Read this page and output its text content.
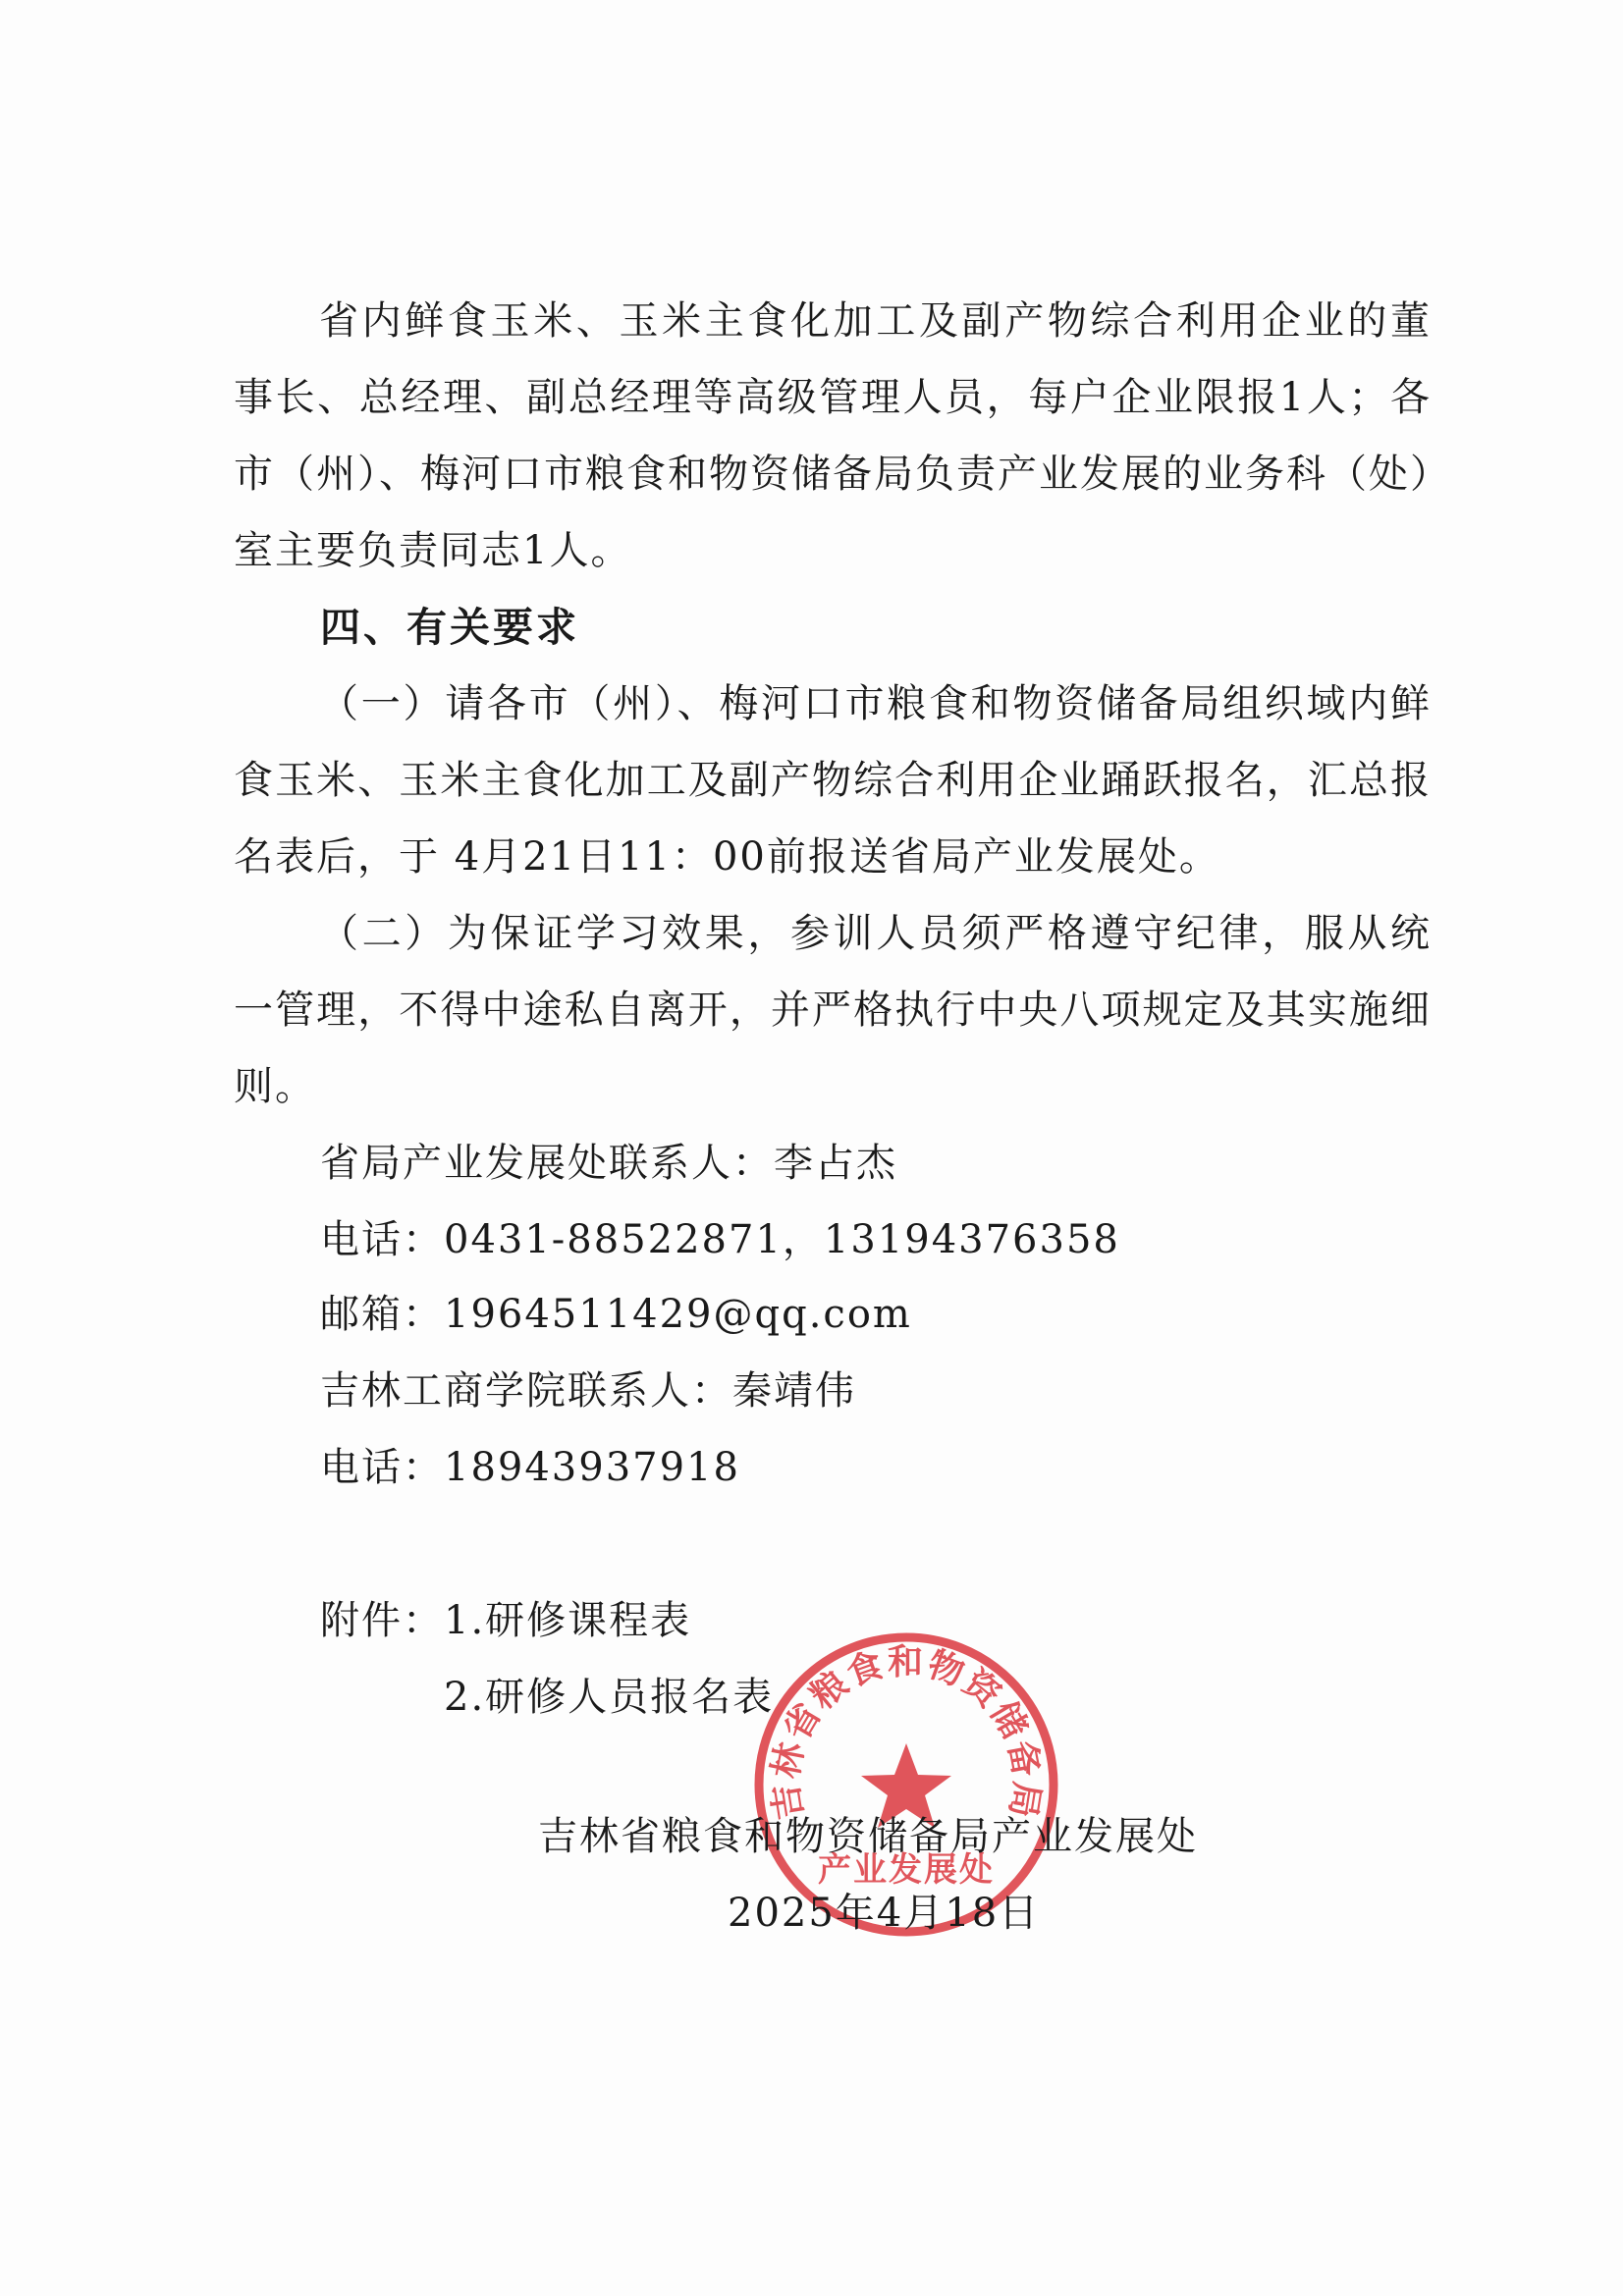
省内鲜食玉米、玉米主食化加工及副产物综合利用企业的董事长、总经理、副总经理等高级管理人员，每户企业限报1人；各市（州）、梅河口市粮食和物资储备局负责产业发展的业务科（处）室主要负责同志1人。
四、有关要求
（一）请各市（州）、梅河口市粮食和物资储备局组织域内鲜食玉米、玉米主食化加工及副产物综合利用企业踊跃报名，汇总报名表后，于 4月21日11：00前报送省局产业发展处。
（二）为保证学习效果，参训人员须严格遵守纪律，服从统一管理，不得中途私自离开，并严格执行中央八项规定及其实施细则。
省局产业发展处联系人：李占杰
电话：0431-88522871，13194376358
邮箱：1964511429@qq.com
吉林工商学院联系人：秦靖伟
电话：18943937918
附件：1.研修课程表
2.研修人员报名表
吉林省粮食和物资储备局
产业发展处
吉林省粮食和物资储备局产业发展处
2025年4月18日
